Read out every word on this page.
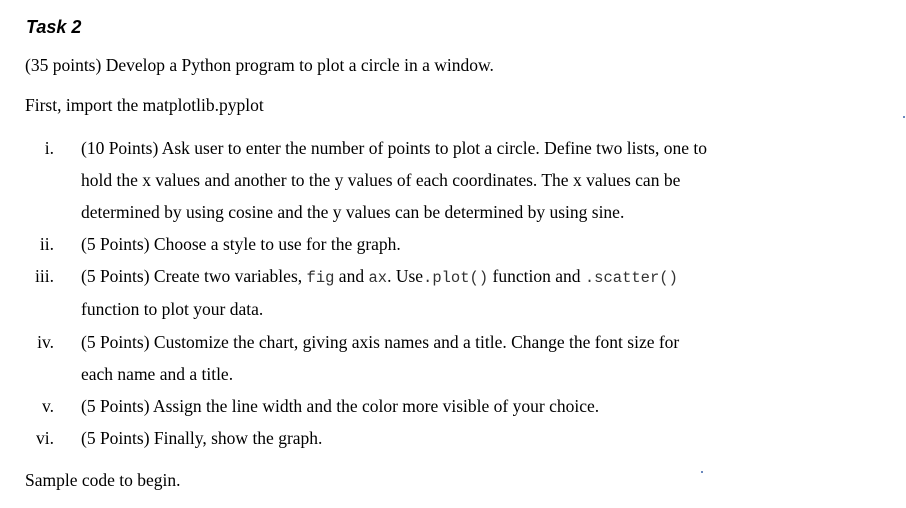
Task 2
(35 points) Develop a Python program to plot a circle in a window.
First, import the matplotlib.pyplot
i. (10 Points) Ask user to enter the number of points to plot a circle. Define two lists, one to
hold the x values and another to the y values of each coordinates. The x values can be
determined by using cosine and the y values can be determined by using sine.
ii. (5 Points) Choose a style to use for the graph.
iii. (5 Points) Create two variables, fig and ax. Use.plot() function and .scatter()
function to plot your data.
iv. (5 Points) Customize the chart, giving axis names and a title. Change the font size for
each name and a title.
v. (5 Points) Assign the line width and the color more visible of your choice.
vi. (5 Points) Finally, show the graph.
Sample code to begin.
